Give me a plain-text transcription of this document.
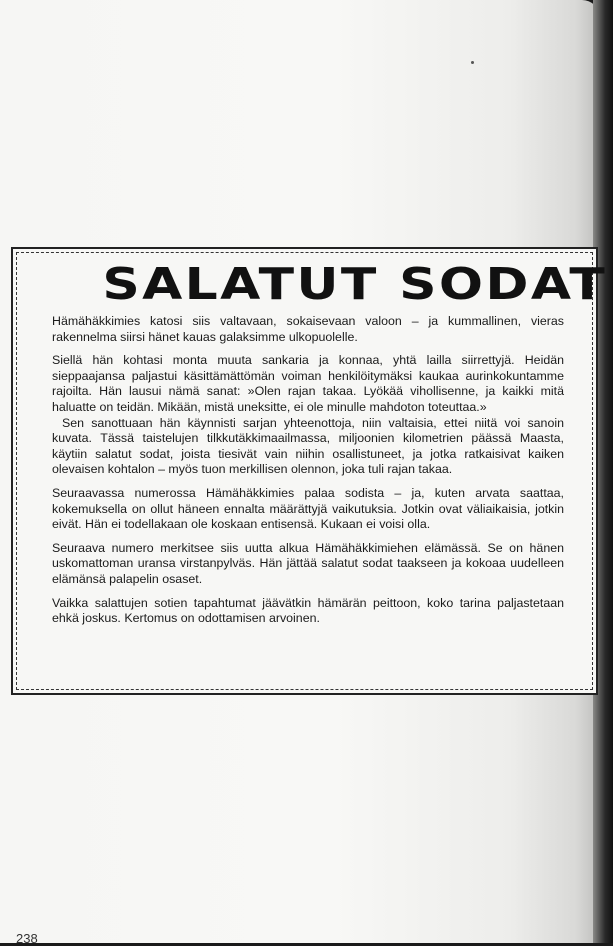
SALATUT SODAT

Hämähäkkimies katosi siis valtavaan, sokaisevaan valoon – ja kummallinen, vieras rakennelma siirsi hänet kauas galaksimme ulkopuolelle.

Siellä hän kohtasi monta muuta sankaria ja konnaa, yhtä lailla siirrettyjä. Heidän sieppaajansa paljastui käsittämättömän voiman henkilöitymäksi kaukaa aurinkokuntamme rajoilta. Hän lausui nämä sanat: »Olen rajan takaa. Lyökää vihollisenne, ja kaikki mitä haluatte on teidän. Mikään, mistä uneksitte, ei ole minulle mahdoton toteuttaa.»

Sen sanottuaan hän käynnisti sarjan yhteenottoja, niin valtaisia, ettei niitä voi sanoin kuvata. Tässä taistelujen tilkkutäkkimaailmassa, miljoonien kilometrien päässä Maasta, käytiin salatut sodat, joista tiesivät vain niihin osallistuneet, ja jotka ratkaisivat kaiken olevaisen kohtalon – myös tuon merkillisen olennon, joka tuli rajan takaa.

Seuraavassa numerossa Hämähäkkimies palaa sodista – ja, kuten arvata saattaa, kokemuksella on ollut häneen ennalta määrättyjä vaikutuksia. Jotkin ovat väliaikaisia, jotkin eivät. Hän ei todellakaan ole koskaan entisensä. Kukaan ei voisi olla.

Seuraava numero merkitsee siis uutta alkua Hämähäkkimiehen elämässä. Se on hänen uskomattoman uransa virstanpylväs. Hän jättää salatut sodat taakseen ja kokoaa uudelleen elämänsä palapelin osaset.

Vaikka salattujen sotien tapahtumat jäävätkin hämärän peittoon, koko tarina paljastetaan ehkä joskus. Kertomus on odottamisen arvoinen.

238
